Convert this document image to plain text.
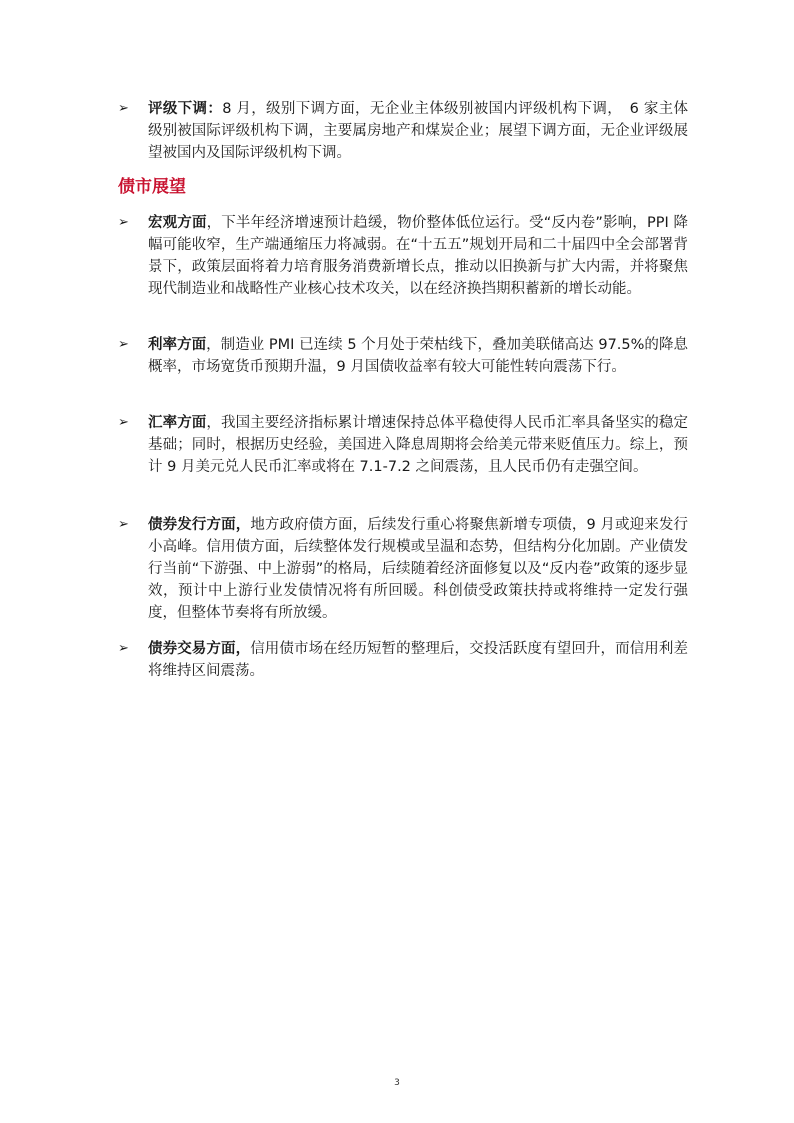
➢ 评级下调：8 月，级别下调方面，无企业主体级别被国内评级机构下调，　6 家主体级别被国际评级机构下调，主要属房地产和煤炭企业；展望下调方面，无企业评级展望被国内及国际评级机构下调。
债市展望
➢ 宏观方面，下半年经济增速预计趋缓，物价整体低位运行。受“反内卷”影响，PPI 降幅可能收窄，生产端通缩压力将减弱。在“十五五”规划开局和二十届四中全会部署背景下，政策层面将着力培育服务消费新增长点，推动以旧换新与扩大内需，并将聚焦现代制造业和战略性产业核心技术攻关，以在经济换挡期积蓄新的增长动能。
➢ 利率方面，制造业 PMI 已连续 5 个月处于荣枯线下，叠加美联储高达 97.5%的降息概率，市场宽货币预期升温，9 月国债收益率有较大可能性转向震荡下行。
➢ 汇率方面，我国主要经济指标累计增速保持总体平稳使得人民币汇率具备坚实的稳定基础；同时，根据历史经验，美国进入降息周期将会给美元带来贬值压力。综上，预计 9 月美元兑人民币汇率或将在 7.1-7.2 之间震荡，且人民币仍有走强空间。
➢ 债券发行方面，地方政府债方面，后续发行重心将聚焦新增专项债，9 月或迎来发行小高峰。信用债方面，后续整体发行规模或呈温和态势，但结构分化加剧。产业债发行当前“下游强、中上游弱”的格局，后续随着经济面修复以及“反内卷”政策的逐步显效，预计中上游行业发债情况将有所回暖。科创债受政策扶持或将维持一定发行强度，但整体节奏将有所放缓。
➢ 债券交易方面，信用债市场在经历短暂的整理后，交投活跃度有望回升，而信用利差将维持区间震荡。
3
